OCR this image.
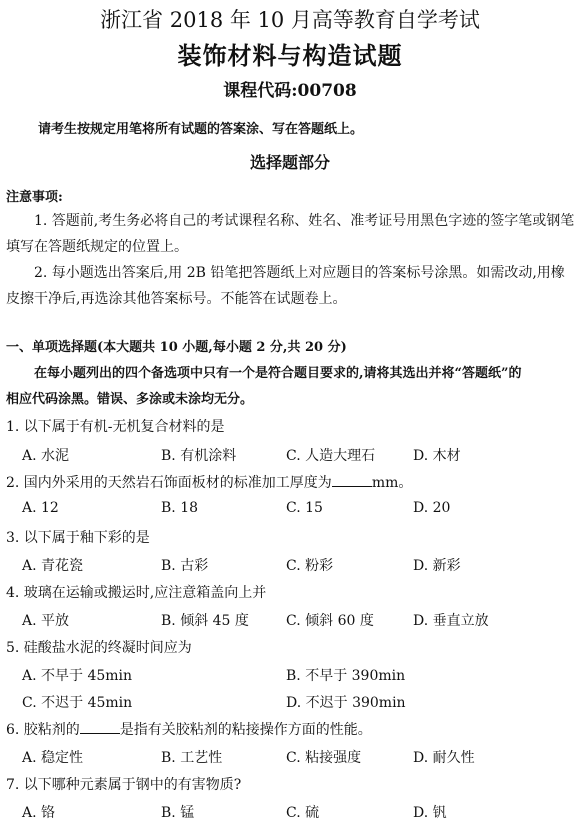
浙江省 2018 年 10 月高等教育自学考试
装饰材料与构造试题
课程代码:00708
请考生按规定用笔将所有试题的答案涂、写在答题纸上。
选择题部分
注意事项:
1. 答题前,考生务必将自己的考试课程名称、姓名、准考证号用黑色字迹的签字笔或钢笔
填写在答题纸规定的位置上。
2. 每小题选出答案后,用 2B 铅笔把答题纸上对应题目的答案标号涂黑。如需改动,用橡
皮擦干净后,再选涂其他答案标号。不能答在试题卷上。
一、单项选择题(本大题共 10 小题,每小题 2 分,共 20 分)
在每小题列出的四个备选项中只有一个是符合题目要求的,请将其选出并将“答题纸”的
相应代码涂黑。错误、多涂或未涂均无分。
1. 以下属于有机-无机复合材料的是
A. 水泥	B. 有机涂料	C. 人造大理石	D. 木材
2. 国内外采用的天然岩石饰面板材的标准加工厚度为	mm。
A. 12	B. 18	C. 15	D. 20
3. 以下属于釉下彩的是
A. 青花瓷	B. 古彩	C. 粉彩	D. 新彩
4. 玻璃在运输或搬运时,应注意箱盖向上并
A. 平放	B. 倾斜 45 度	C. 倾斜 60 度	D. 垂直立放
5. 硅酸盐水泥的终凝时间应为
A. 不早于 45min	B. 不早于 390min
C. 不迟于 45min	D. 不迟于 390min
6. 胶粘剂的	是指有关胶粘剂的粘接操作方面的性能。
A. 稳定性	B. 工艺性	C. 粘接强度	D. 耐久性
7. 以下哪种元素属于钢中的有害物质?
A. 铬	B. 锰	C. 硫	D. 钒
